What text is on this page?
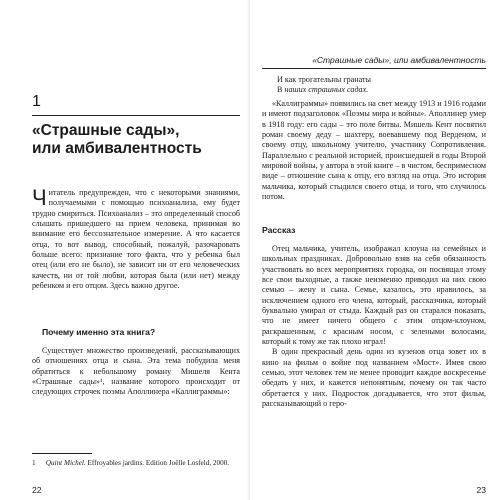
1
«Страшные сады»,
или амбивалентность

Читатель предупрежден, что с некоторыми знаниями, получаемыми с помощью психоанализа, ему будет трудно смириться. Психоанализ – это определенный способ слышать пришедшего на прием человека, принимая во внимание его бессознательное измерение. А что касается отца, то вот вывод, способный, пожалуй, разочаровать больше всего: признание того факта, что у ребенка был отец (или его не было), не зависит ни от его человеческих качеств, ни от той любви, которая была (или нет) между ребенком и его отцом. Здесь важно другое.

Почему именно эта книга?

Существует множество произведений, рассказывающих об отношениях отца и сына. Эта тема побудила меня обратиться к небольшому роману Мишеля Кента «Страшные сады»¹, название которого происходит от следующих строчек поэмы Аполлинера «Каллиграммы»:

1 Quint Michel. Effroyables jardins. Edition Joëlle Losfeld, 2000.
22
«Страшные сады», или амбивалентность
И как трогательны гранаты
В наших страшных садах.

«Каллиграммы» появились на свет между 1913 и 1916 годами и имеют подзаголовок «Поэмы мира и войны». Аполлинер умер в 1918 году: его сады – это поле битвы. Мишель Кент посвятил роман своему деду – шахтеру, воевавшему под Верденом, и своему отцу, школьному учителю, участнику Сопротивления. Параллельно с реальной историей, происшедшей в годы Второй мировой войны, у автора в этой книге – в чистом, беспримесном виде – отношение сына к отцу, его взгляд на отца. Это история мальчика, который стыдился своего отца, и того, что случилось потом.

Рассказ

Отец мальчика, учитель, изображал клоуна на семейных и школьных праздниках. Добровольно взяв на себя обязанность участвовать во всех мероприятиях городка, он посвящал этому все свои выходные, а также неизменно приводил на них свою семью – жену и сына. Семье, казалось, это нравилось, за исключением одного его члена, который, рассказчика, который буквально умирал от стыда. Каждый раз он старался показать, что не имеет ничего общего с этим отцом-клоуном, раскрашенным, с красным носом, с зелеными волосами, который к тому же так плохо играл!

В один прекрасный день один из кузенов отца зовет их в кино на фильм о войне под названием «Мост». Имея свою семью, этот человек тем не менее проводит каждое воскресенье обедать у них, и кажется непонятным, почему он так часто обретается у них. Подросток догадывается, что этот фильм, рассказывающий о геро-

23
